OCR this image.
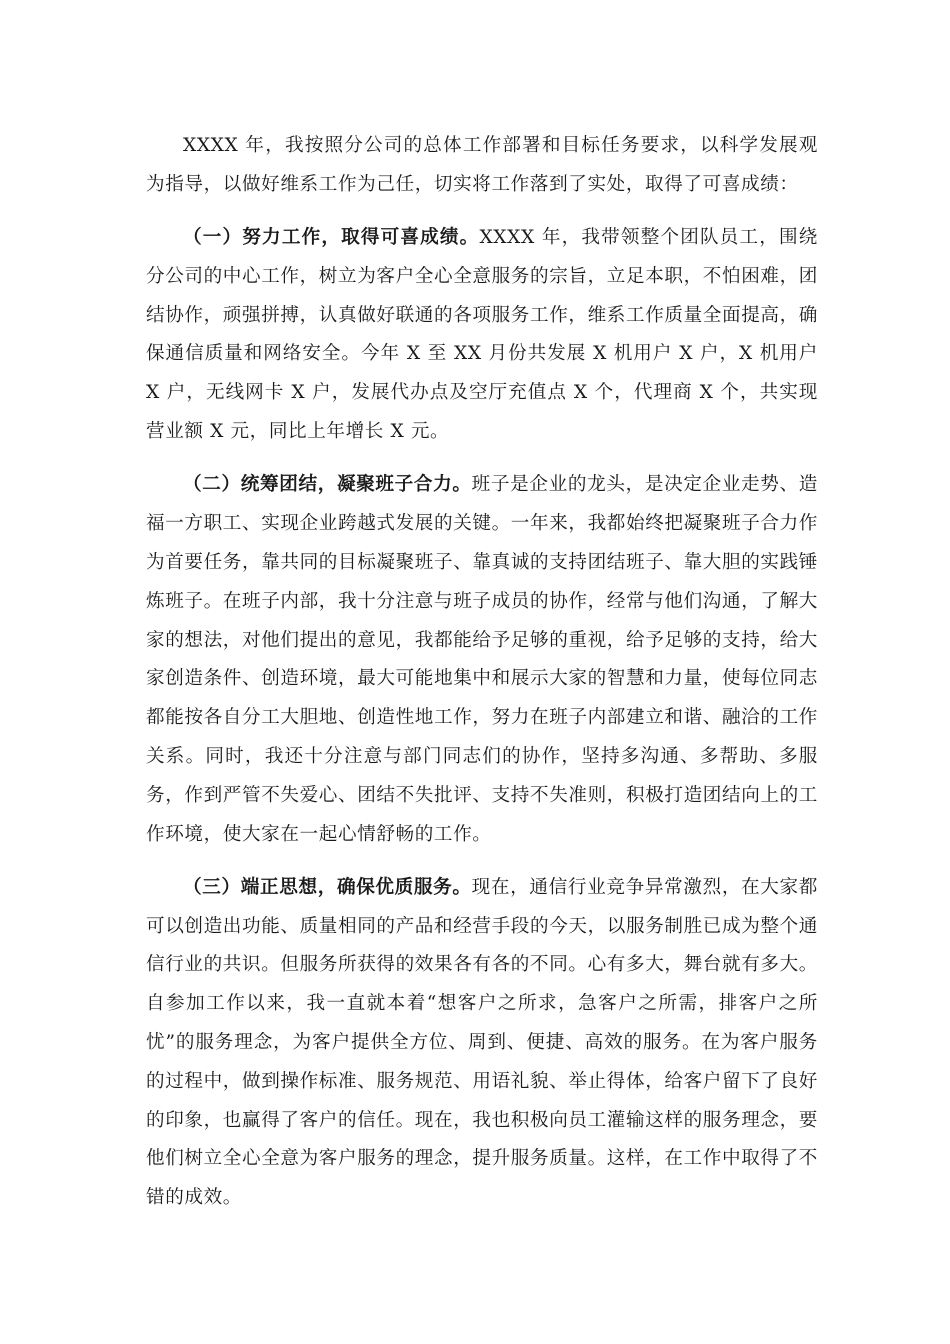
XXXX 年，我按照分公司的总体工作部署和目标任务要求，以科学发展观为指导，以做好维系工作为己任，切实将工作落到了实处，取得了可喜成绩：

（一）努力工作，取得可喜成绩。XXXX 年，我带领整个团队员工，围绕分公司的中心工作，树立为客户全心全意服务的宗旨，立足本职，不怕困难，团结协作，顽强拼搏，认真做好联通的各项服务工作，维系工作质量全面提高，确保通信质量和网络安全。今年 X 至 XX 月份共发展 X 机用户 X 户，X 机用户 X 户，无线网卡 X 户，发展代办点及空厅充值点 X 个，代理商 X 个，共实现营业额 X 元，同比上年增长 X 元。

（二）统筹团结，凝聚班子合力。班子是企业的龙头，是决定企业走势、造福一方职工、实现企业跨越式发展的关键。一年来，我都始终把凝聚班子合力作为首要任务，靠共同的目标凝聚班子、靠真诚的支持团结班子、靠大胆的实践锤炼班子。在班子内部，我十分注意与班子成员的协作，经常与他们沟通，了解大家的想法，对他们提出的意见，我都能给予足够的重视，给予足够的支持，给大家创造条件、创造环境，最大可能地集中和展示大家的智慧和力量，使每位同志都能按各自分工大胆地、创造性地工作，努力在班子内部建立和谐、融洽的工作关系。同时，我还十分注意与部门同志们的协作，坚持多沟通、多帮助、多服务，作到严管不失爱心、团结不失批评、支持不失准则，积极打造团结向上的工作环境，使大家在一起心情舒畅的工作。

（三）端正思想，确保优质服务。现在，通信行业竞争异常激烈，在大家都可以创造出功能、质量相同的产品和经营手段的今天，以服务制胜已成为整个通信行业的共识。但服务所获得的效果各有各的不同。心有多大，舞台就有多大。自参加工作以来，我一直就本着“想客户之所求，急客户之所需，排客户之所忧”的服务理念，为客户提供全方位、周到、便捷、高效的服务。在为客户服务的过程中，做到操作标准、服务规范、用语礼貌、举止得体，给客户留下了良好的印象，也赢得了客户的信任。现在，我也积极向员工灌输这样的服务理念，要他们树立全心全意为客户服务的理念，提升服务质量。这样，在工作中取得了不错的成效。
